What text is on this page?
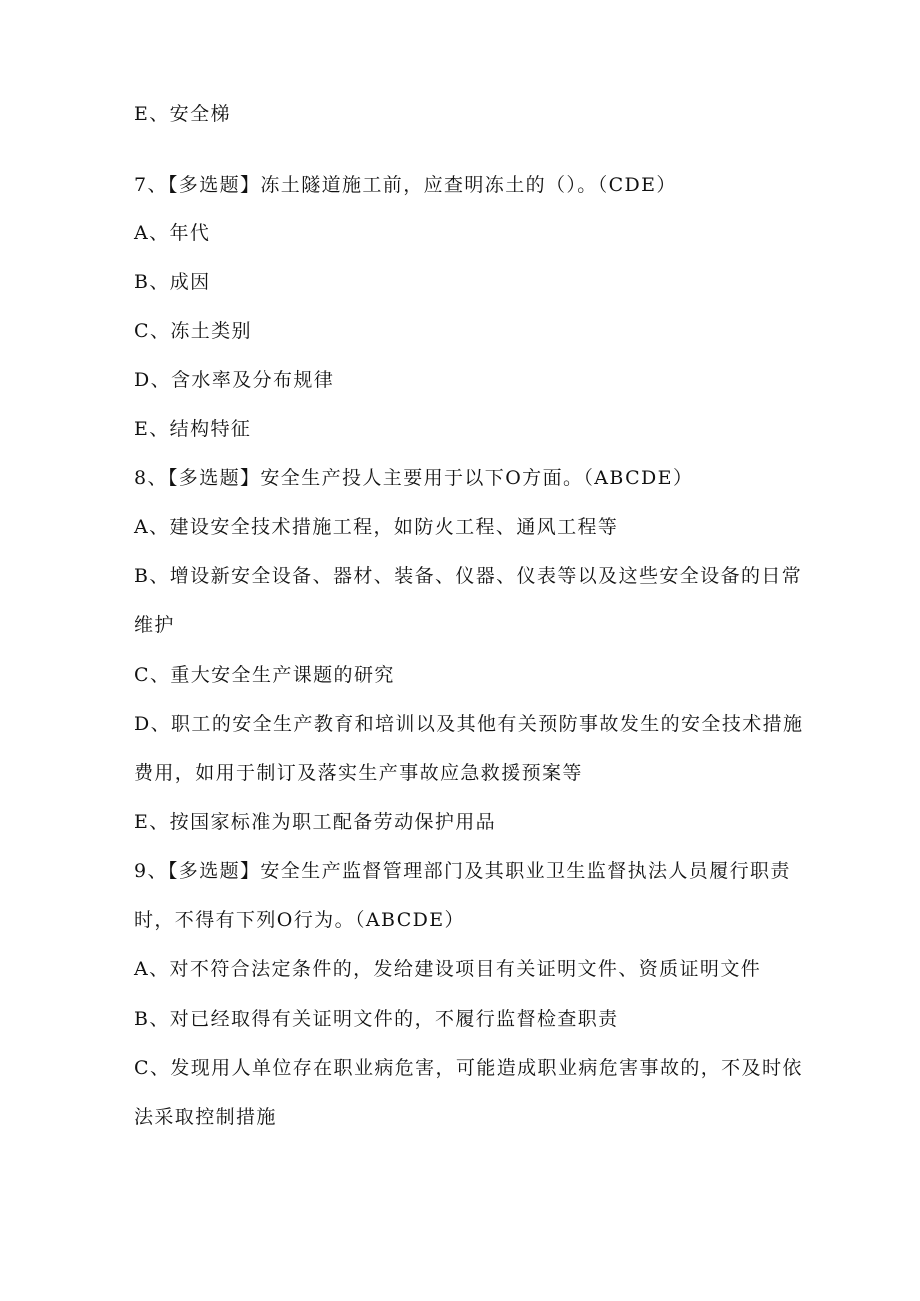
E、安全梯
7、【多选题】冻土隧道施工前，应查明冻土的（）。（CDE）
A、年代
B、成因
C、冻土类别
D、含水率及分布规律
E、结构特征
8、【多选题】安全生产投人主要用于以下O方面。（ABCDE）
A、建设安全技术措施工程，如防火工程、通风工程等
B、增设新安全设备、器材、装备、仪器、仪表等以及这些安全设备的日常
维护
C、重大安全生产课题的研究
D、职工的安全生产教育和培训以及其他有关预防事故发生的安全技术措施
费用，如用于制订及落实生产事故应急救援预案等
E、按国家标准为职工配备劳动保护用品
9、【多选题】安全生产监督管理部门及其职业卫生监督执法人员履行职责
时，不得有下列O行为。（ABCDE）
A、对不符合法定条件的，发给建设项目有关证明文件、资质证明文件
B、对已经取得有关证明文件的，不履行监督检查职责
C、发现用人单位存在职业病危害，可能造成职业病危害事故的，不及时依
法采取控制措施
